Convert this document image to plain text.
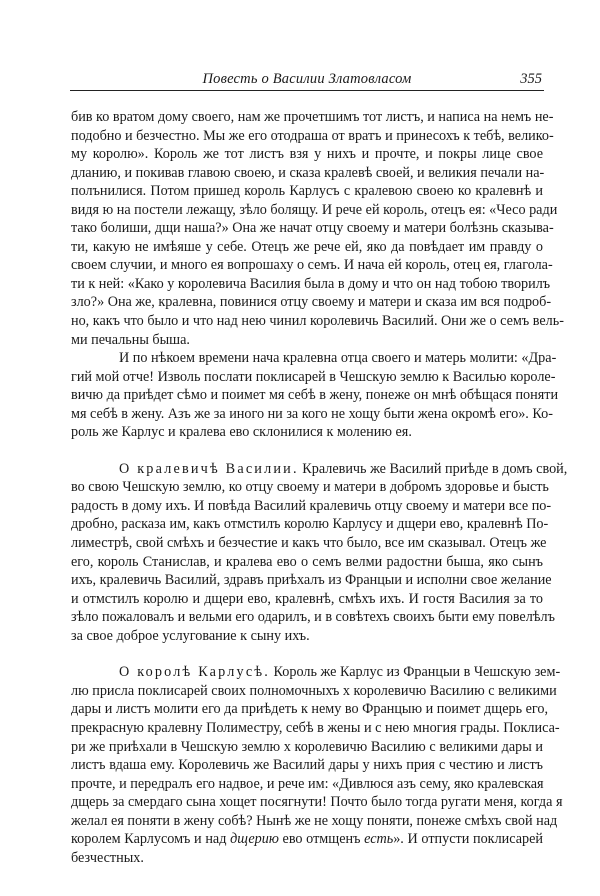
Повесть о Василии Златовласом	355
бив ко вратом дому своего, нам же прочетшимъ тот листъ, и написа на немъ не-
подобно и безчестно. Мы же его отодраша от вратъ и принесохъ к тебѣ, велико-
му королю». Король же тот листъ взя у нихъ и прочте, и покры лице свое
дланию, и покивав главою своею, и сказа кралевѣ своей, и великия печали на-
полънилися. Потом пришед король Карлусъ с кралевою своею ко кралевнѣ и
видя ю на постели лежащу, зѣло болящу. И рече ей король, отецъ ея: «Чесо ради
тако болиши, дщи наша?» Она же начат отцу своему и матери болѣзнь сказыва-
ти, какую не имѣяше у себе. Отецъ же рече ей, яко да повѣдает им правду о
своем случии, и много ея вопрошаху о семъ. И нача ей король, отец ея, глагола-
ти к ней: «Како у королевича Василия была в дому и что он над тобою творилъ
зло?» Она же, кралевна, повинися отцу своему и матери и сказа им вся подроб-
но, какъ что было и что над нею чинил королевичь Василий. Они же о семъ вель-
ми печальны быша.
И по нѣкоем времени нача кралевна отца своего и матерь молити: «Дра-
гий мой отче! Изволь послати поклисарей в Чешскую землю к Василью короле-
вичю да приѣдет сѣмо и поимет мя себѣ в жену, понеже он мнѣ обѣщася поняти
мя себѣ в жену. Азъ же за иного ни за кого не хощу быти жена окромѣ его». Ко-
роль же Карлус и кралева ево склонилися к молению ея.
О кралевичѣ Василии. Кралевичь же Василий приѣде в домъ свой,
во свою Чешскую землю, ко отцу своему и матери в добромъ здоровье и бысть
радость в дому ихъ. И повѣда Василий кралевичь отцу своему и матери все по-
дробно, расказа им, какъ отмстилъ королю Карлусу и дщери ево, кралевнѣ По-
лиместрѣ, свой смѣхъ и безчестие и какъ что было, все им сказывал. Отецъ же
его, король Станислав, и кралева ево о семъ велми радостни быша, яко сынъ
ихъ, кралевичь Василий, здравъ приѣхалъ из Францыи и исполни свое желание
и отмстилъ королю и дщери ево, кралевнѣ, смѣхъ ихъ. И гостя Василия за то
зѣло пожаловалъ и вельми его одарилъ, и в совѣтехъ своихъ быти ему повелѣлъ
за свое доброе услугование к сыну ихъ.
О королѣ Карлусѣ. Король же Карлус из Францыи в Чешскую зем-
лю присла поклисарей своих полномочныхъ х королевичю Василию с великими
дары и листъ молити его да приѣдеть к нему во Францыю и поимет дщерь его,
прекрасную кралевну Полиместру, себѣ в жены и с нею многия грады. Поклиса-
ри же приѣхали в Чешскую землю х королевичю Василию с великими дары и
листъ вдаша ему. Королевичь же Василий дары у нихъ прия с честию и листъ
прочте, и передралъ его надвое, и рече им: «Дивлюся азъ сему, яко кралевская
дщерь за смердаго сына хощет посягнути! Почто было тогда ругати меня, когда я
желал ея поняти в жену собѣ? Нынѣ же не хощу поняти, понеже смѣхъ свой над
королем Карлусомъ и над дщерию ево отмщенъ есть». И отпусти поклисарей
безчестных.
